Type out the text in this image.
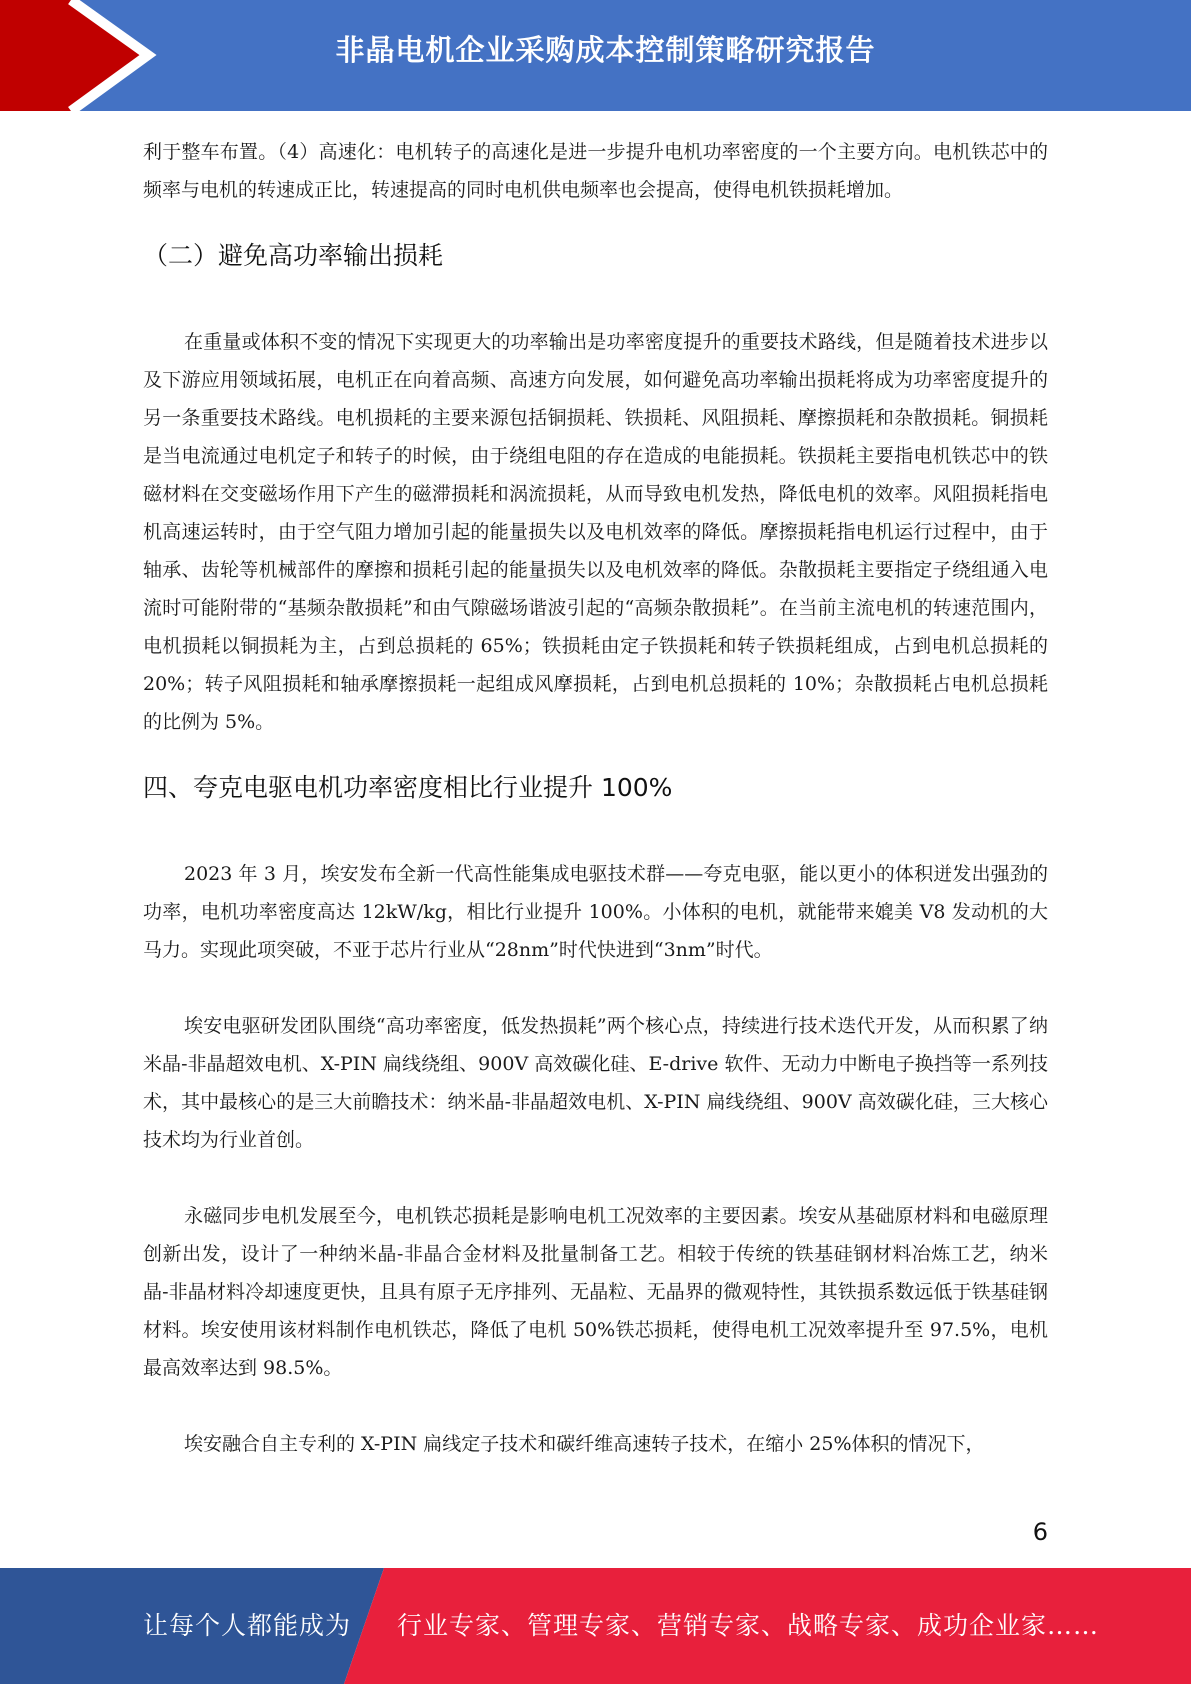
非晶电机企业采购成本控制策略研究报告

利于整车布置。（4）高速化：电机转子的高速化是进一步提升电机功率密度的一个主要方向。电机铁芯中的频率与电机的转速成正比，转速提高的同时电机供电频率也会提高，使得电机铁损耗增加。

（二）避免高功率输出损耗

在重量或体积不变的情况下实现更大的功率输出是功率密度提升的重要技术路线，但是随着技术进步以及下游应用领域拓展，电机正在向着高频、高速方向发展，如何避免高功率输出损耗将成为功率密度提升的另一条重要技术路线。电机损耗的主要来源包括铜损耗、铁损耗、风阻损耗、摩擦损耗和杂散损耗。铜损耗是当电流通过电机定子和转子的时候，由于绕组电阻的存在造成的电能损耗。铁损耗主要指电机铁芯中的铁磁材料在交变磁场作用下产生的磁滞损耗和涡流损耗，从而导致电机发热，降低电机的效率。风阻损耗指电机高速运转时，由于空气阻力增加引起的能量损失以及电机效率的降低。摩擦损耗指电机运行过程中，由于轴承、齿轮等机械部件的摩擦和损耗引起的能量损失以及电机效率的降低。杂散损耗主要指定子绕组通入电流时可能附带的“基频杂散损耗”和由气隙磁场谐波引起的“高频杂散损耗”。在当前主流电机的转速范围内，电机损耗以铜损耗为主，占到总损耗的 65%；铁损耗由定子铁损耗和转子铁损耗组成，占到电机总损耗的 20%；转子风阻损耗和轴承摩擦损耗一起组成风摩损耗，占到电机总损耗的 10%；杂散损耗占电机总损耗的比例为 5%。

四、夸克电驱电机功率密度相比行业提升 100%

2023 年 3 月，埃安发布全新一代高性能集成电驱技术群——夸克电驱，能以更小的体积迸发出强劲的功率，电机功率密度高达 12kW/kg，相比行业提升 100%。小体积的电机，就能带来媲美 V8 发动机的大马力。实现此项突破，不亚于芯片行业从“28nm”时代快进到“3nm”时代。

埃安电驱研发团队围绕“高功率密度，低发热损耗”两个核心点，持续进行技术迭代开发，从而积累了纳米晶-非晶超效电机、X-PIN 扁线绕组、900V 高效碳化硅、E-drive 软件、无动力中断电子换挡等一系列技术，其中最核心的是三大前瞻技术：纳米晶-非晶超效电机、X-PIN 扁线绕组、900V 高效碳化硅，三大核心技术均为行业首创。

永磁同步电机发展至今，电机铁芯损耗是影响电机工况效率的主要因素。埃安从基础原材料和电磁原理创新出发，设计了一种纳米晶-非晶合金材料及批量制备工艺。相较于传统的铁基硅钢材料冶炼工艺，纳米晶-非晶材料冷却速度更快，且具有原子无序排列、无晶粒、无晶界的微观特性，其铁损系数远低于铁基硅钢材料。埃安使用该材料制作电机铁芯，降低了电机 50%铁芯损耗，使得电机工况效率提升至 97.5%，电机最高效率达到 98.5%。

埃安融合自主专利的 X-PIN 扁线定子技术和碳纤维高速转子技术，在缩小 25%体积的情况下，

6
让每个人都能成为 行业专家、管理专家、营销专家、战略专家、成功企业家……
